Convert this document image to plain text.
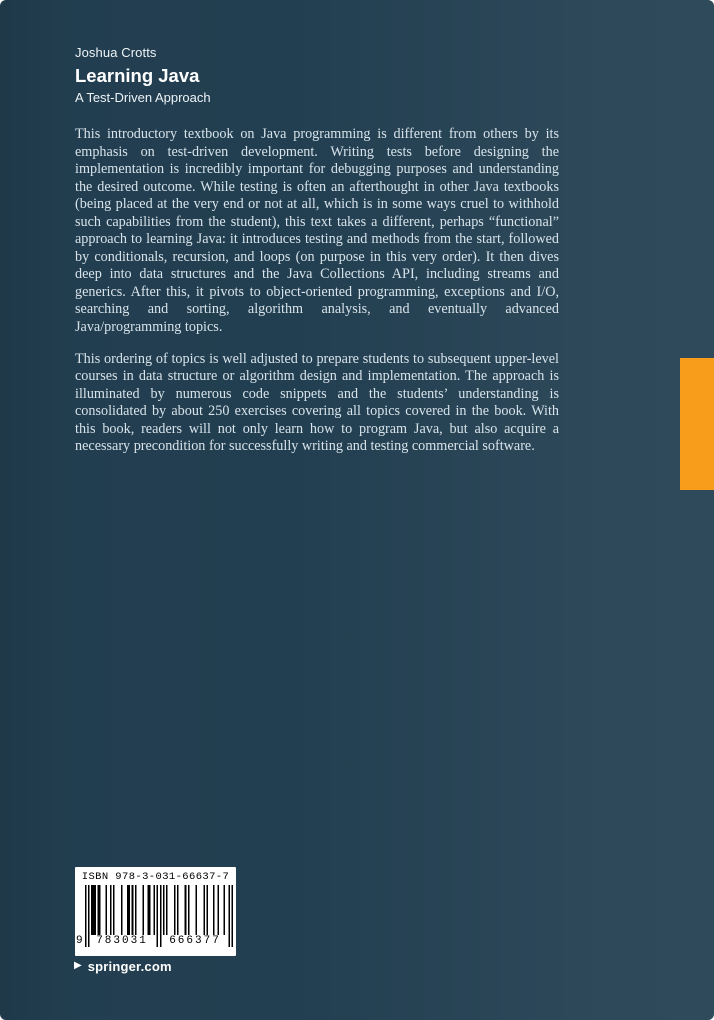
Joshua Crotts
Learning Java
A Test-Driven Approach

This introductory textbook on Java programming is different from others by its emphasis on test-driven development. Writing tests before designing the implementation is incredibly important for debugging purposes and understanding the desired outcome. While testing is often an afterthought in other Java textbooks (being placed at the very end or not at all, which is in some ways cruel to withhold such capabilities from the student), this text takes a different, perhaps “functional” approach to learning Java: it introduces testing and methods from the start, followed by conditionals, recursion, and loops (on purpose in this very order). It then dives deep into data structures and the Java Collections API, including streams and generics. After this, it pivots to object-oriented programming, exceptions and I/O, searching and sorting, algorithm analysis, and eventually advanced Java/programming topics.

This ordering of topics is well adjusted to prepare students to subsequent upper-level courses in data structure or algorithm design and implementation. The approach is illuminated by numerous code snippets and the students’ understanding is consolidated by about 250 exercises covering all topics covered in the book. With this book, readers will not only learn how to program Java, but also acquire a necessary precondition for successfully writing and testing commercial software.

ISBN 978-3-031-66637-7
9	783031	666377
▶ springer.com
